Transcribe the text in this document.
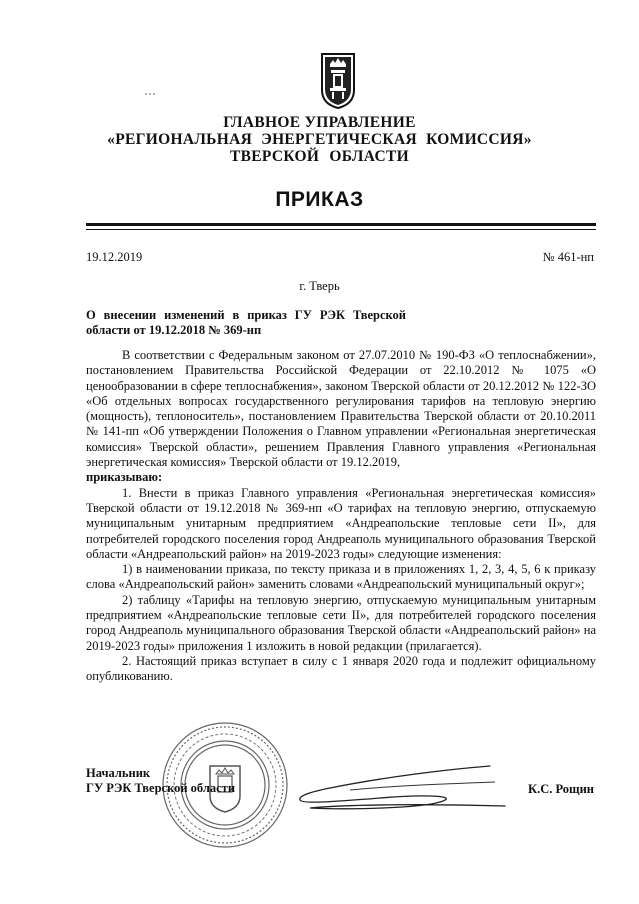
ГЛАВНОЕ УПРАВЛЕНИЕ
«РЕГИОНАЛЬНАЯ ЭНЕРГЕТИЧЕСКАЯ КОМИССИЯ»
ТВЕРСКОЙ ОБЛАСТИ
ПРИКАЗ
19.12.2019	№ 461-нп
г. Тверь
О внесении изменений в приказ ГУ РЭК Тверской области от 19.12.2018 № 369-нп

В соответствии с Федеральным законом от 27.07.2010 № 190-ФЗ «О теплоснабжении», постановлением Правительства Российской Федерации от 22.10.2012 № 1075 «О ценообразовании в сфере теплоснабжения», законом Тверской области от 20.12.2012 № 122-ЗО «Об отдельных вопросах государственного регулирования тарифов на тепловую энергию (мощность), теплоноситель», постановлением Правительства Тверской области от 20.10.2011 № 141-пп «Об утверждении Положения о Главном управлении «Региональная энергетическая комиссия» Тверской области», решением Правления Главного управления «Региональная энергетическая комиссия» Тверской области от 19.12.2019,

приказываю:

1. Внести в приказ Главного управления «Региональная энергетическая комиссия» Тверской области от 19.12.2018 № 369-нп «О тарифах на тепловую энергию, отпускаемую муниципальным унитарным предприятием «Андреапольские тепловые сети II», для потребителей городского поселения город Андреаполь муниципального образования Тверской области «Андреапольский район» на 2019-2023 годы» следующие изменения:

1) в наименовании приказа, по тексту приказа и в приложениях 1, 2, 3, 4, 5, 6 к приказу слова «Андреапольский район» заменить словами «Андреапольский муниципальный округ»;

2) таблицу «Тарифы на тепловую энергию, отпускаемую муниципальным унитарным предприятием «Андреапольские тепловые сети II», для потребителей городского поселения город Андреаполь муниципального образования Тверской области «Андреапольский район» на 2019-2023 годы» приложения 1 изложить в новой редакции (прилагается).

2. Настоящий приказ вступает в силу с 1 января 2020 года и подлежит официальному опубликованию.

Начальник
ГУ РЭК Тверской области	К.С. Рощин
